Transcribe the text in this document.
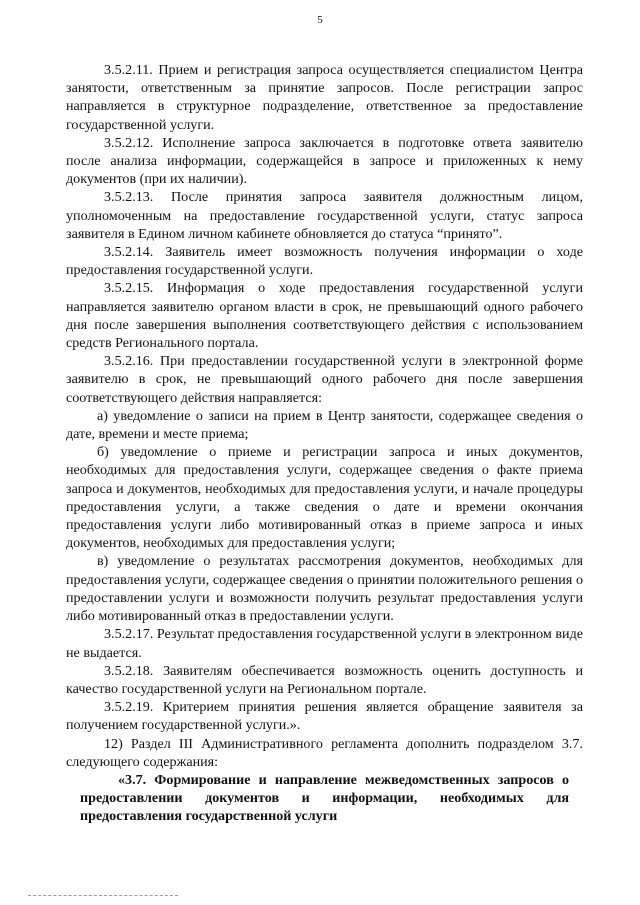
5

3.5.2.11. Прием и регистрация запроса осуществляется специалистом Центра занятости, ответственным за принятие запросов. После регистрации запрос направляется в структурное подразделение, ответственное за предоставление государственной услуги.

3.5.2.12. Исполнение запроса заключается в подготовке ответа заявителю после анализа информации, содержащейся в запросе и приложенных к нему документов (при их наличии).

3.5.2.13. После принятия запроса заявителя должностным лицом, уполномоченным на предоставление государственной услуги, статус запроса заявителя в Едином личном кабинете обновляется до статуса “принято”.

3.5.2.14. Заявитель имеет возможность получения информации о ходе предоставления государственной услуги.

3.5.2.15. Информация о ходе предоставления государственной услуги направляется заявителю органом власти в срок, не превышающий одного рабочего дня после завершения выполнения соответствующего действия с использованием средств Регионального портала.

3.5.2.16. При предоставлении государственной услуги в электронной форме заявителю в срок, не превышающий одного рабочего дня после завершения соответствующего действия направляется:

а) уведомление о записи на прием в Центр занятости, содержащее сведения о дате, времени и месте приема;

б) уведомление о приеме и регистрации запроса и иных документов, необходимых для предоставления услуги, содержащее сведения о факте приема запроса и документов, необходимых для предоставления услуги, и начале процедуры предоставления услуги, а также сведения о дате и времени окончания предоставления услуги либо мотивированный отказ в приеме запроса и иных документов, необходимых для предоставления услуги;

в) уведомление о результатах рассмотрения документов, необходимых для предоставления услуги, содержащее сведения о принятии положительного решения о предоставлении услуги и возможности получить результат предоставления услуги либо мотивированный отказ в предоставлении услуги.

3.5.2.17. Результат предоставления государственной услуги в электронном виде не выдается.

3.5.2.18. Заявителям обеспечивается возможность оценить доступность и качество государственной услуги на Региональном портале.

3.5.2.19. Критерием принятия решения является обращение заявителя за получением государственной услуги.».

12) Раздел III Административного регламента дополнить подразделом 3.7. следующего содержания:

«3.7. Формирование и направление межведомственных запросов о предоставлении документов и информации, необходимых для предоставления государственной услуги
